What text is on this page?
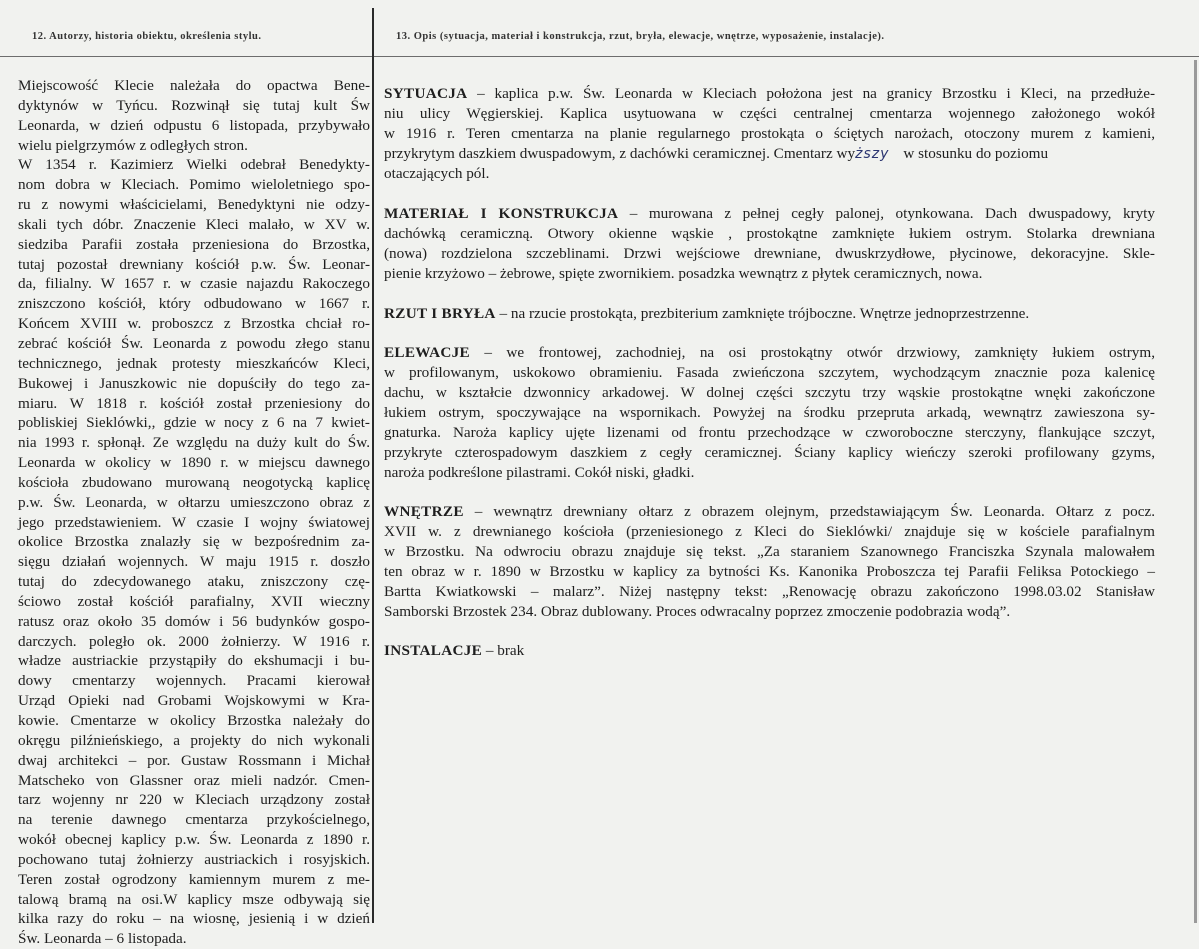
12. Autorzy, historia obiektu, określenia stylu.	13. Opis (sytuacja, materiał i konstrukcja, rzut, bryła, elewacje, wnętrze, wyposażenie, instalacje).
Miejscowość Klecie należała do opactwa Bene-
dyktynów w Tyńcu. Rozwinął się tutaj kult Św
Leonarda, w dzień odpustu 6 listopada, przybywało
wielu pielgrzymów z odległych stron.
W 1354 r. Kazimierz Wielki odebrał Benedykty-
nom dobra w Kleciach. Pomimo wieloletniego spo-
ru z nowymi właścicielami, Benedyktyni nie odzy-
skali tych dóbr. Znaczenie Kleci malało, w XV w.
siedziba Parafii została przeniesiona do Brzostka,
tutaj pozostał drewniany kościół p.w. Św. Leonar-
da, filialny. W 1657 r. w czasie najazdu Rakoczego
zniszczono kościół, który odbudowano w 1667 r.
Końcem XVIII w. proboszcz z Brzostka chciał ro-
zebrać kościół Św. Leonarda z powodu złego stanu
technicznego, jednak protesty mieszkańców Kleci,
Bukowej i Januszkowic nie dopuściły do tego za-
miaru. W 1818 r. kościół został przeniesiony do
pobliskiej Sieklówki,, gdzie w nocy z 6 na 7 kwiet-
nia 1993 r. spłonął. Ze względu na duży kult do Św.
Leonarda w okolicy w 1890 r. w miejscu dawnego
kościoła zbudowano murowaną neogotycką kaplicę
p.w. Św. Leonarda, w ołtarzu umieszczono obraz z
jego przedstawieniem. W czasie I wojny światowej
okolice Brzostka znalazły się w bezpośrednim za-
sięgu działań wojennych. W maju 1915 r. doszło
tutaj do zdecydowanego ataku, zniszczony czę-
ściowo został kościół parafialny, XVII wieczny
ratusz oraz około 35 domów i 56 budynków gospo-
darczych. poległo ok. 2000 żołnierzy. W 1916 r.
władze austriackie przystąpiły do ekshumacji i bu-
dowy cmentarzy wojennych. Pracami kierował
Urząd Opieki nad Grobami Wojskowymi w Kra-
kowie. Cmentarze w okolicy Brzostka należały do
okręgu pilźnieńskiego, a projekty do nich wykonali
dwaj architekci – por. Gustaw Rossmann i Michał
Matscheko von Glassner oraz mieli nadzór. Cmen-
tarz wojenny nr 220 w Kleciach urządzony został
na terenie dawnego cmentarza przykościelnego,
wokół obecnej kaplicy p.w. Św. Leonarda z 1890 r.
pochowano tutaj żołnierzy austriackich i rosyjskich.
Teren został ogrodzony kamiennym murem z me-
talową bramą na osi.W kaplicy msze odbywają się
kilka razy do roku – na wiosnę, jesienią i w dzień
Św. Leonarda – 6 listopada.
SYTUACJA – kaplica p.w. Św. Leonarda w Kleciach położona jest na granicy Brzostku i Kleci, na przedłuże-
niu ulicy Węgierskiej. Kaplica usytuowana w części centralnej cmentarza wojennego założonego wokół
w 1916 r. Teren cmentarza na planie regularnego prostokąta o ściętych narożach, otoczony murem z kamieni,
przykrytym daszkiem dwuspadowym, z dachówki ceramicznej. Cmentarz wyższy w stosunku do poziomu
otaczających pól.
MATERIAŁ I KONSTRUKCJA – murowana z pełnej cegły palonej, otynkowana. Dach dwuspadowy, kryty
dachówką ceramiczną. Otwory okienne wąskie , prostokątne zamknięte łukiem ostrym. Stolarka drewniana
(nowa) rozdzielona szczeblinami. Drzwi wejściowe drewniane, dwuskrzydłowe, płycinowe, dekoracyjne. Skle-
pienie krzyżowo – żebrowe, spięte zwornikiem. posadzka wewnątrz z płytek ceramicznych, nowa.
RZUT I BRYŁA – na rzucie prostokąta, prezbiterium zamknięte trójboczne. Wnętrze jednoprzestrzenne.
ELEWACJE – we frontowej, zachodniej, na osi prostokątny otwór drzwiowy, zamknięty łukiem ostrym,
w profilowanym, uskokowo obramieniu. Fasada zwieńczona szczytem, wychodzącym znacznie poza kalenicę
dachu, w kształcie dzwonnicy arkadowej. W dolnej części szczytu trzy wąskie prostokątne wnęki zakończone
łukiem ostrym, spoczywające na wspornikach. Powyżej na środku przepruta arkadą, wewnątrz zawieszona sy-
gnaturka. Naroża kaplicy ujęte lizenami od frontu przechodzące w czworoboczne sterczyny, flankujące szczyt,
przykryte czterospadowym daszkiem z cegły ceramicznej. Ściany kaplicy wieńczy szeroki profilowany gzyms,
naroża podkreślone pilastrami. Cokół niski, gładki.
WNĘTRZE – wewnątrz drewniany ołtarz z obrazem olejnym, przedstawiającym Św. Leonarda. Ołtarz z pocz.
XVII w. z drewnianego kościoła (przeniesionego z Kleci do Sieklówki/ znajduje się w kościele parafialnym
w Brzostku. Na odwrociu obrazu znajduje się tekst. „Za staraniem Szanownego Franciszka Szynala malowałem
ten obraz w r. 1890 w Brzostku w kaplicy za bytności Ks. Kanonika Proboszcza tej Parafii Feliksa Potockiego –
Bartta Kwiatkowski – malarz”. Niżej następny tekst: „Renowację obrazu zakończono 1998.03.02 Stanisław
Samborski Brzostek 234. Obraz dublowany. Proces odwracalny poprzez zmoczenie podobrazia wodą”.
INSTALACJE – brak
